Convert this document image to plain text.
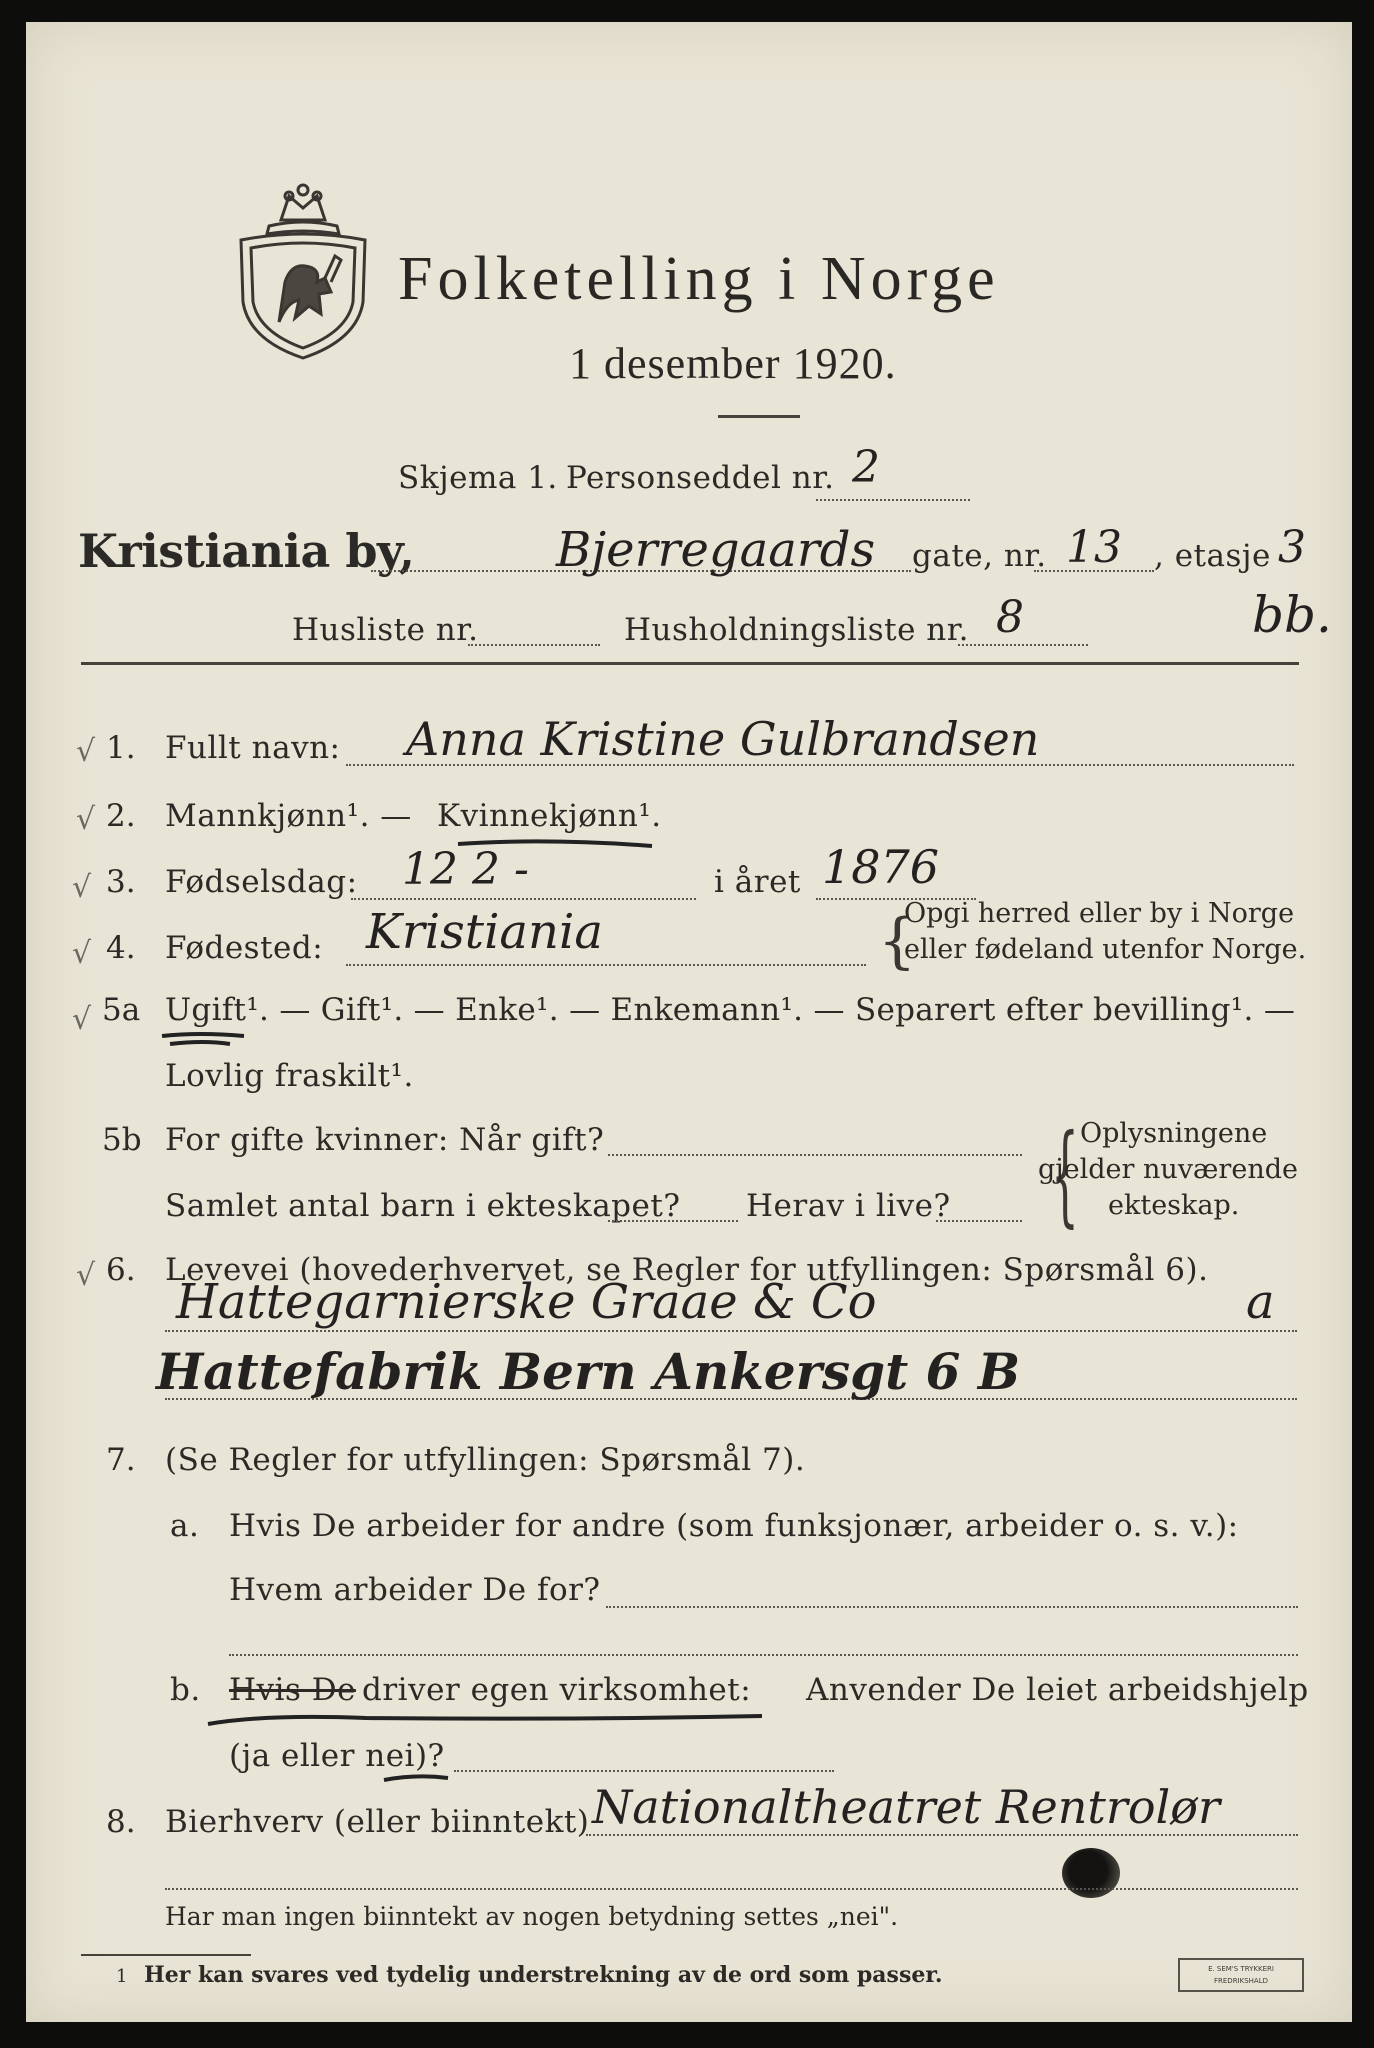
Folketelling i Norge
1 desember 1920.
Skjema 1. Personseddel nr. 2
Kristiania by,	Bjerregaards gate, nr. 13 , etasje 3
Husliste nr.	Husholdningsliste nr. 8	bb.
√ 1. Fullt navn: Anna Kristine Gulbrandsen
√ 2. Mannkjønn¹. — Kvinnekjønn¹.
√ 3. Fødselsdag: 12 2 -	i året 1876
√ 4. Fødested: Kristiania	{
Opgi herred eller by i Norge
eller fødeland utenfor Norge.
√ 5a Ugift¹. — Gift¹. — Enke¹. — Enkemann¹. — Separert efter bevilling¹. —
Lovlig fraskilt¹.
5b For gifte kvinner: Når gift?
Samlet antal barn i ekteskapet? Herav i live? { Oplysningene
gjelder nuværende
ekteskap.
√ 6. Levevei (hovederhvervet, se Regler for utfyllingen: Spørsmål 6).
Hattegarnierske Graae & Co	a
Hattefabrik Bern Ankersgt 6 B
7. (Se Regler for utfyllingen: Spørsmål 7).
a. Hvis De arbeider for andre (som funksjonær, arbeider o. s. v.):
Hvem arbeider De for?
b. Hvis De driver egen virksomhet: Anvender De leiet arbeidshjelp
(ja eller nei)?
8. Bierhverv (eller biinntekt) Nationaltheatret Rentrolør
Har man ingen biinntekt av nogen betydning settes „nei".
1 Her kan svares ved tydelig understrekning av de ord som passer.	E. SEM'S TRYKKERI
FREDRIKSHALD
